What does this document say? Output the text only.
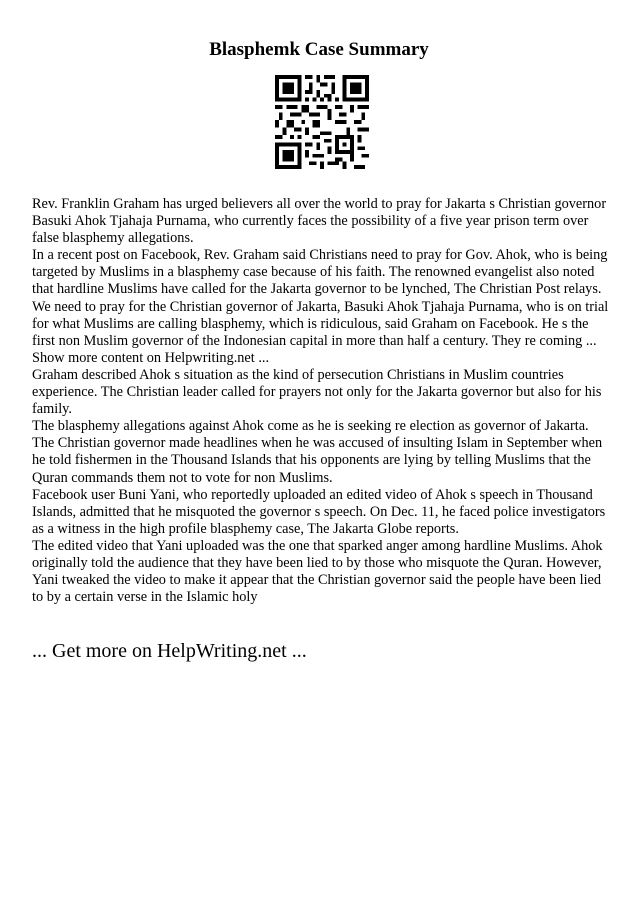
Blasphemk Case Summary

Rev. Franklin Graham has urged believers all over the world to pray for Jakarta s Christian governor Basuki Ahok Tjahaja Purnama, who currently faces the possibility of a five year prison term over false blasphemy allegations.

In a recent post on Facebook, Rev. Graham said Christians need to pray for Gov. Ahok, who is being targeted by Muslims in a blasphemy case because of his faith. The renowned evangelist also noted that hardline Muslims have called for the Jakarta governor to be lynched, The Christian Post relays.

We need to pray for the Christian governor of Jakarta, Basuki Ahok Tjahaja Purnama, who is on trial for what Muslims are calling blasphemy, which is ridiculous, said Graham on Facebook. He s the first non Muslim governor of the Indonesian capital in more than half a century. They re coming ... Show more content on Helpwriting.net ...

Graham described Ahok s situation as the kind of persecution Christians in Muslim countries experience. The Christian leader called for prayers not only for the Jakarta governor but also for his family.

The blasphemy allegations against Ahok come as he is seeking re election as governor of Jakarta. The Christian governor made headlines when he was accused of insulting Islam in September when he told fishermen in the Thousand Islands that his opponents are lying by telling Muslims that the Quran commands them not to vote for non Muslims.

Facebook user Buni Yani, who reportedly uploaded an edited video of Ahok s speech in Thousand Islands, admitted that he misquoted the governor s speech. On Dec. 11, he faced police investigators as a witness in the high profile blasphemy case, The Jakarta Globe reports.

The edited video that Yani uploaded was the one that sparked anger among hardline Muslims. Ahok originally told the audience that they have been lied to by those who misquote the Quran. However, Yani tweaked the video to make it appear that the Christian governor said the people have been lied to by a certain verse in the Islamic holy

... Get more on HelpWriting.net ...
